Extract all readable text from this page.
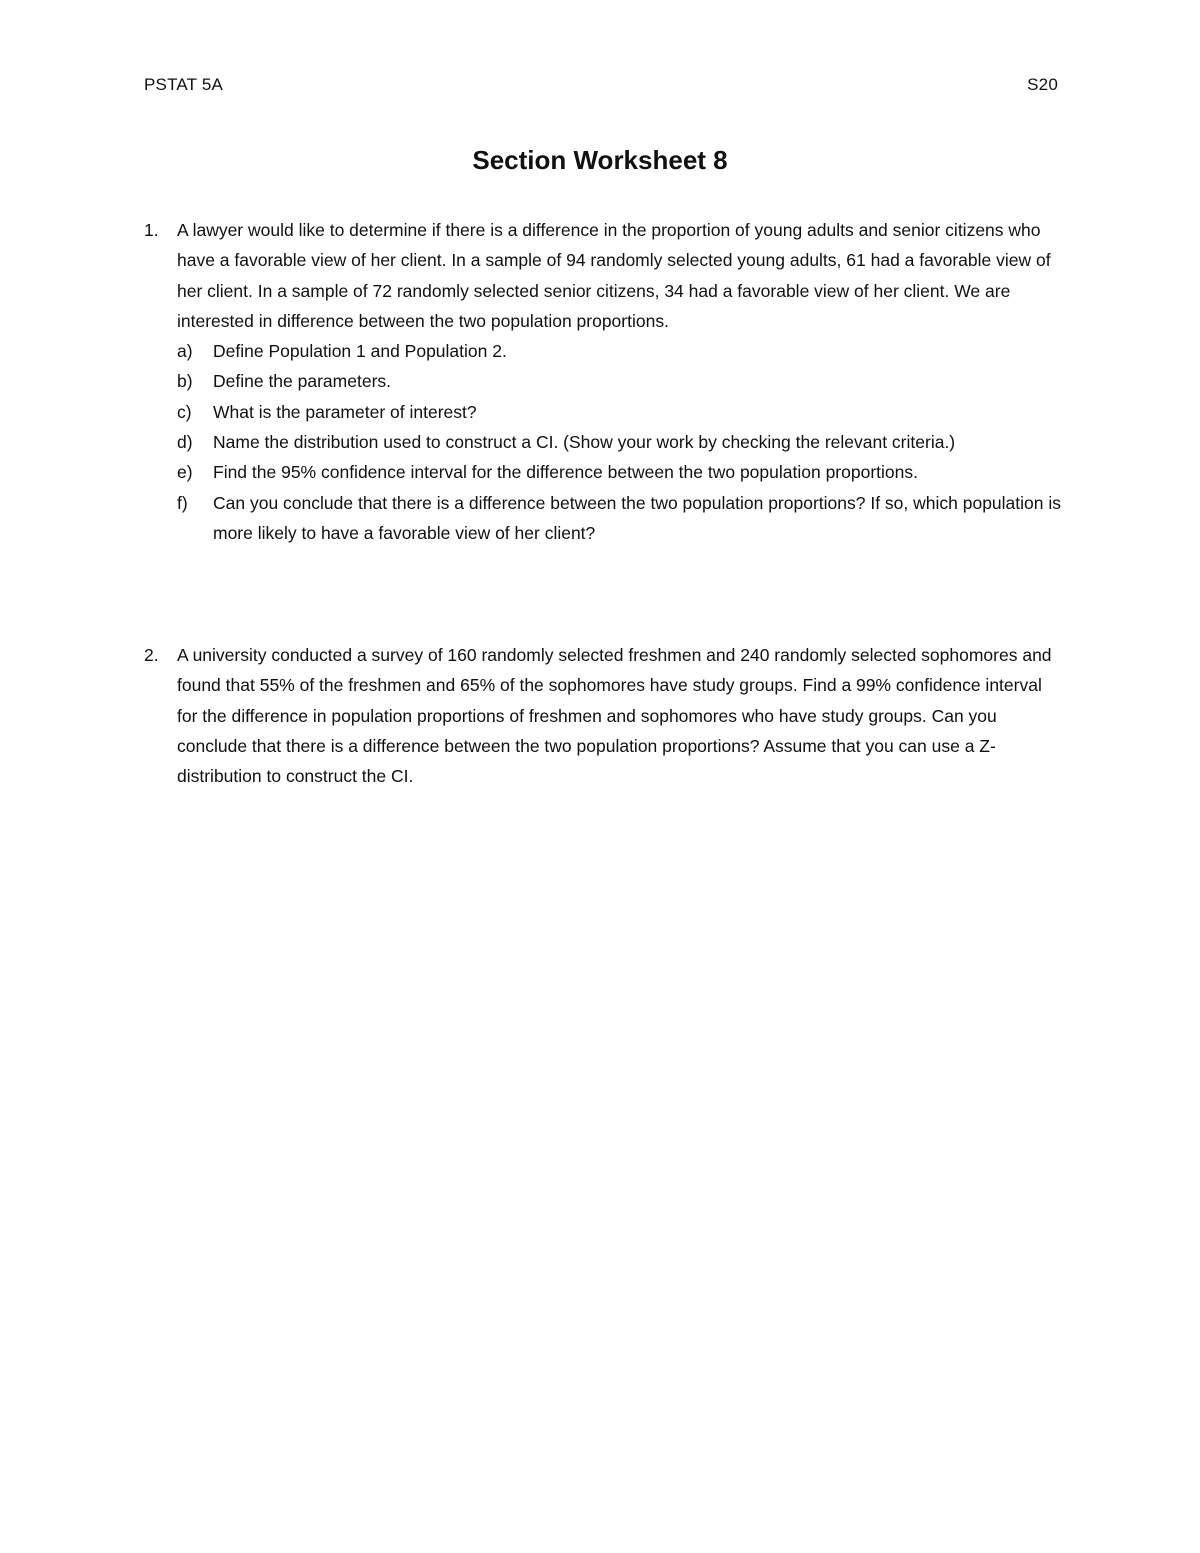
PSTAT 5A	S20
Section Worksheet 8
1. A lawyer would like to determine if there is a difference in the proportion of young adults and senior citizens who have a favorable view of her client. In a sample of 94 randomly selected young adults, 61 had a favorable view of her client. In a sample of 72 randomly selected senior citizens, 34 had a favorable view of her client. We are interested in difference between the two population proportions.
a) Define Population 1 and Population 2.
b) Define the parameters.
c) What is the parameter of interest?
d) Name the distribution used to construct a CI. (Show your work by checking the relevant criteria.)
e) Find the 95% confidence interval for the difference between the two population proportions.
f) Can you conclude that there is a difference between the two population proportions? If so, which population is more likely to have a favorable view of her client?
2. A university conducted a survey of 160 randomly selected freshmen and 240 randomly selected sophomores and found that 55% of the freshmen and 65% of the sophomores have study groups. Find a 99% confidence interval for the difference in population proportions of freshmen and sophomores who have study groups. Can you conclude that there is a difference between the two population proportions? Assume that you can use a Z-distribution to construct the CI.
